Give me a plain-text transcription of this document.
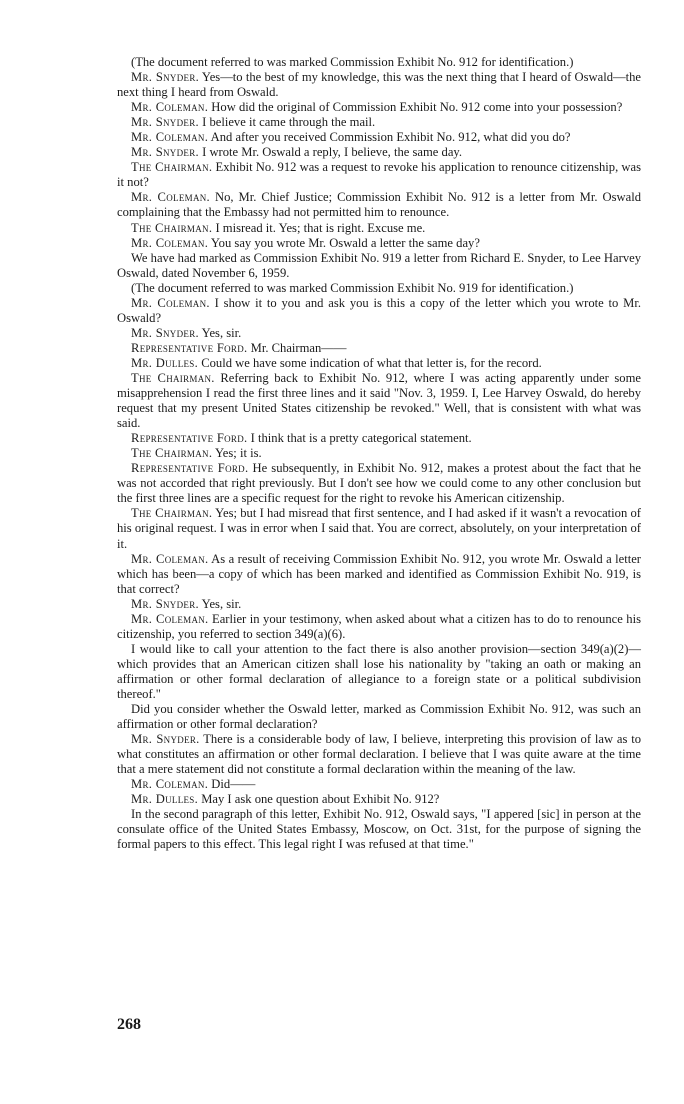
(The document referred to was marked Commission Exhibit No. 912 for identification.)

Mr. Snyder. Yes—to the best of my knowledge, this was the next thing that I heard of Oswald—the next thing I heard from Oswald.

Mr. Coleman. How did the original of Commission Exhibit No. 912 come into your possession?

Mr. Snyder. I believe it came through the mail.

Mr. Coleman. And after you received Commission Exhibit No. 912, what did you do?

Mr. Snyder. I wrote Mr. Oswald a reply, I believe, the same day.

The Chairman. Exhibit No. 912 was a request to revoke his application to renounce citizenship, was it not?

Mr. Coleman. No, Mr. Chief Justice; Commission Exhibit No. 912 is a letter from Mr. Oswald complaining that the Embassy had not permitted him to renounce.

The Chairman. I misread it. Yes; that is right. Excuse me.

Mr. Coleman. You say you wrote Mr. Oswald a letter the same day?

We have had marked as Commission Exhibit No. 919 a letter from Richard E. Snyder, to Lee Harvey Oswald, dated November 6, 1959.

(The document referred to was marked Commission Exhibit No. 919 for identification.)

Mr. Coleman. I show it to you and ask you is this a copy of the letter which you wrote to Mr. Oswald?

Mr. Snyder. Yes, sir.

Representative Ford. Mr. Chairman——

Mr. Dulles. Could we have some indication of what that letter is, for the record.

The Chairman. Referring back to Exhibit No. 912, where I was acting apparently under some misapprehension I read the first three lines and it said "Nov. 3, 1959. I, Lee Harvey Oswald, do hereby request that my present United States citizenship be revoked." Well, that is consistent with what was said.

Representative Ford. I think that is a pretty categorical statement.

The Chairman. Yes; it is.

Representative Ford. He subsequently, in Exhibit No. 912, makes a protest about the fact that he was not accorded that right previously. But I don't see how we could come to any other conclusion but the first three lines are a specific request for the right to revoke his American citizenship.

The Chairman. Yes; but I had misread that first sentence, and I had asked if it wasn't a revocation of his original request. I was in error when I said that. You are correct, absolutely, on your interpretation of it.

Mr. Coleman. As a result of receiving Commission Exhibit No. 912, you wrote Mr. Oswald a letter which has been—a copy of which has been marked and identified as Commission Exhibit No. 919, is that correct?

Mr. Snyder. Yes, sir.

Mr. Coleman. Earlier in your testimony, when asked about what a citizen has to do to renounce his citizenship, you referred to section 349(a)(6).

I would like to call your attention to the fact there is also another provision—section 349(a)(2)—which provides that an American citizen shall lose his nationality by "taking an oath or making an affirmation or other formal declaration of allegiance to a foreign state or a political subdivision thereof."

Did you consider whether the Oswald letter, marked as Commission Exhibit No. 912, was such an affirmation or other formal declaration?

Mr. Snyder. There is a considerable body of law, I believe, interpreting this provision of law as to what constitutes an affirmation or other formal declaration. I believe that I was quite aware at the time that a mere statement did not constitute a formal declaration within the meaning of the law.

Mr. Coleman. Did——

Mr. Dulles. May I ask one question about Exhibit No. 912?

In the second paragraph of this letter, Exhibit No. 912, Oswald says, "I appered [sic] in person at the consulate office of the United States Embassy, Moscow, on Oct. 31st, for the purpose of signing the formal papers to this effect. This legal right I was refused at that time."

268
